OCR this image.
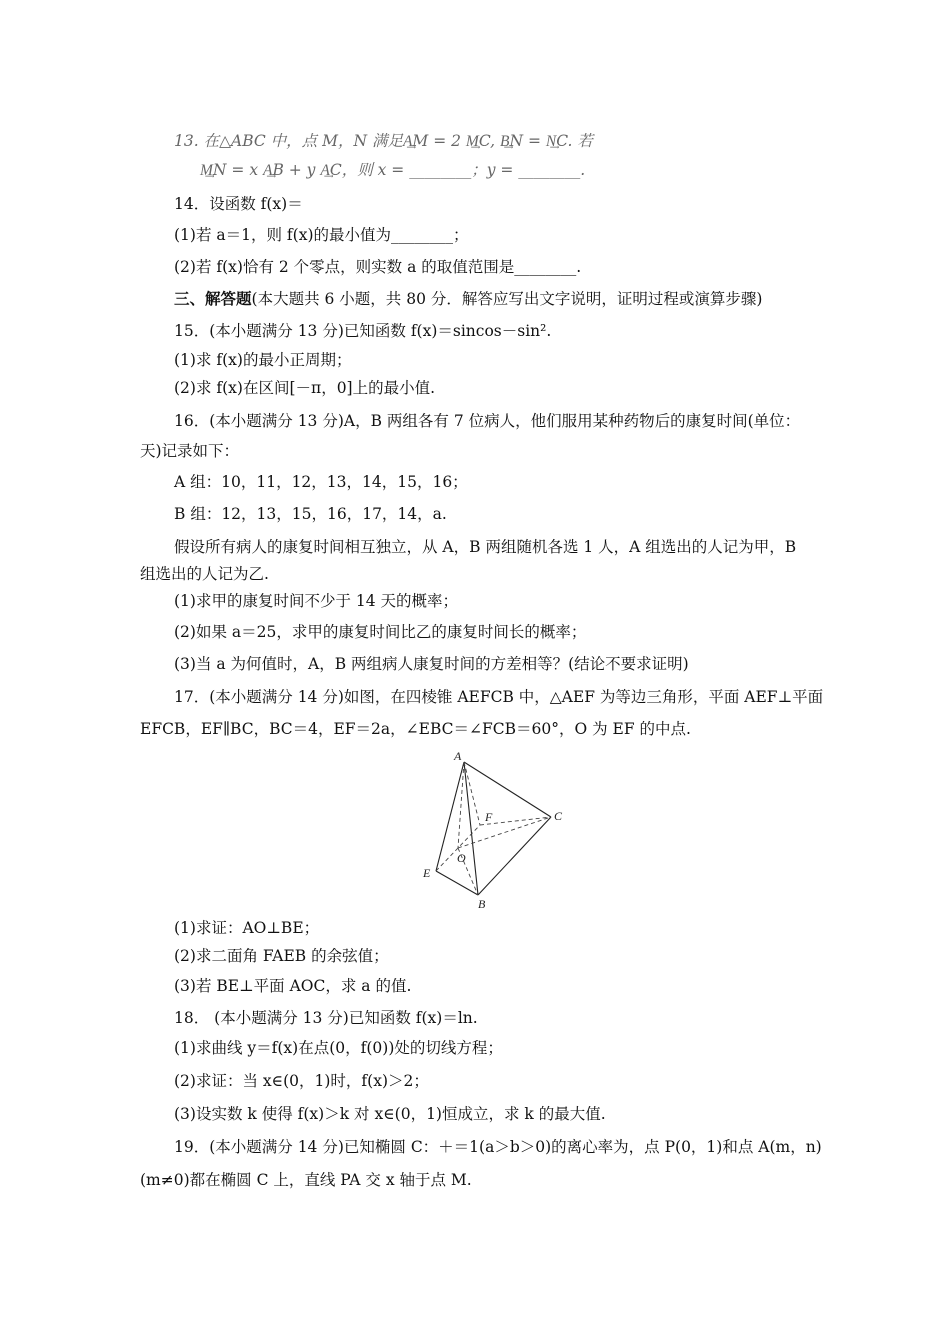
13. 在△ABC 中，点 M，N 满足A͢M = 2 M͢C, B͢N = N͢C. 若
M͢N = x A͢B + y A͢C，则 x = ________；y = ________.
14．设函数 f(x)＝
(1)若 a＝1，则 f(x)的最小值为________；
(2)若 f(x)恰有 2 个零点，则实数 a 的取值范围是________.
三、解答题(本大题共 6 小题，共 80 分．解答应写出文字说明，证明过程或演算步骤)
15．(本小题满分 13 分)已知函数 f(x)＝sincos－sin².
(1)求 f(x)的最小正周期；
(2)求 f(x)在区间[－π，0]上的最小值.
16．(本小题满分 13 分)A，B 两组各有 7 位病人，他们服用某种药物后的康复时间(单位：
天)记录如下：
A 组：10，11，12，13，14，15，16；
B 组：12，13，15，16，17，14，a.
假设所有病人的康复时间相互独立，从 A，B 两组随机各选 1 人，A 组选出的人记为甲，B
组选出的人记为乙.
(1)求甲的康复时间不少于 14 天的概率；
(2)如果 a＝25，求甲的康复时间比乙的康复时间长的概率；
(3)当 a 为何值时，A，B 两组病人康复时间的方差相等？(结论不要求证明)
17．(本小题满分 14 分)如图，在四棱锥 AEFCB 中，△AEF 为等边三角形，平面 AEF⊥平面
EFCB，EF∥BC，BC＝4，EF＝2a，∠EBC＝∠FCB＝60°，O 为 EF 的中点.
A
F	C
O
E
B
(1)求证：AO⊥BE；
(2)求二面角 FAEB 的余弦值；
(3)若 BE⊥平面 AOC，求 a 的值.
18． (本小题满分 13 分)已知函数 f(x)＝ln.
(1)求曲线 y＝f(x)在点(0，f(0))处的切线方程；
(2)求证：当 x∈(0，1)时，f(x)＞2；
(3)设实数 k 使得 f(x)＞k 对 x∈(0，1)恒成立，求 k 的最大值.
19．(本小题满分 14 分)已知椭圆 C：＋＝1(a＞b＞0)的离心率为，点 P(0，1)和点 A(m，n)
(m≠0)都在椭圆 C 上，直线 PA 交 x 轴于点 M.
